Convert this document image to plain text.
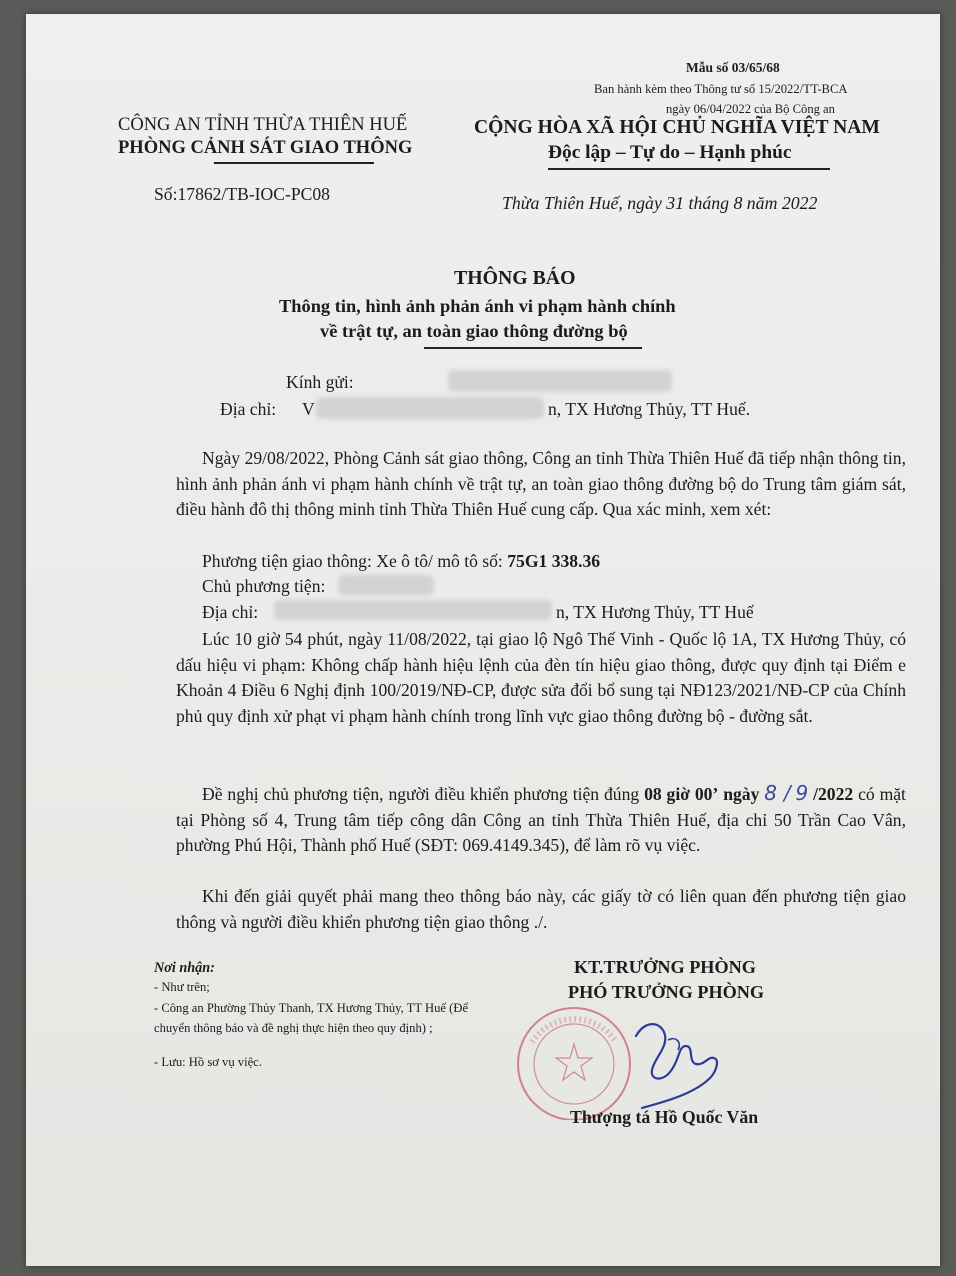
Mẫu số 03/65/68
Ban hành kèm theo Thông tư số 15/2022/TT-BCA
ngày 06/04/2022 của Bộ Công an
CÔNG AN TỈNH THỪA THIÊN HUẾ
PHÒNG CẢNH SÁT GIAO THÔNG
CỘNG HÒA XÃ HỘI CHỦ NGHĨA VIỆT NAM
Độc lập – Tự do – Hạnh phúc
Số:17862/TB-IOC-PC08	Thừa Thiên Huế, ngày 31 tháng 8 năm 2022
THÔNG BÁO
Thông tin, hình ảnh phản ánh vi phạm hành chính
về trật tự, an toàn giao thông đường bộ
Kính gửi:
Địa chỉ: V	n, TX Hương Thủy, TT Huế.
Ngày 29/08/2022, Phòng Cảnh sát giao thông, Công an tỉnh Thừa Thiên Huế đã tiếp nhận thông tin, hình ảnh phản ánh vi phạm hành chính về trật tự, an toàn giao thông đường bộ do Trung tâm giám sát, điều hành đô thị thông minh tỉnh Thừa Thiên Huế cung cấp. Qua xác minh, xem xét:
Phương tiện giao thông: Xe ô tô/ mô tô số: 75G1 338.36
Chủ phương tiện:
Địa chỉ:	n, TX Hương Thủy, TT Huế
Lúc 10 giờ 54 phút, ngày 11/08/2022, tại giao lộ Ngô Thế Vinh - Quốc lộ 1A, TX Hương Thủy, có dấu hiệu vi phạm: Không chấp hành hiệu lệnh của đèn tín hiệu giao thông, được quy định tại Điểm e Khoản 4 Điều 6 Nghị định 100/2019/NĐ-CP, được sửa đổi bổ sung tại NĐ123/2021/NĐ-CP của Chính phủ quy định xử phạt vi phạm hành chính trong lĩnh vực giao thông đường bộ - đường sắt.
Đề nghị chủ phương tiện, người điều khiển phương tiện đúng 08 giờ 00’ ngày 8 / 9 /2022 có mặt tại Phòng số 4, Trung tâm tiếp công dân Công an tỉnh Thừa Thiên Huế, địa chỉ 50 Trần Cao Vân, phường Phú Hội, Thành phố Huế (SĐT: 069.4149.345), để làm rõ vụ việc.
Khi đến giải quyết phải mang theo thông báo này, các giấy tờ có liên quan đến phương tiện giao thông và người điều khiển phương tiện giao thông ./.
Nơi nhận:
- Như trên;
- Công an Phường Thủy Thanh, TX Hương Thủy, TT Huế (Để chuyển thông báo và đề nghị thực hiện theo quy định) ;
- Lưu: Hồ sơ vụ việc.
KT.TRƯỞNG PHÒNG
PHÓ TRƯỞNG PHÒNG
Thượng tá Hồ Quốc Văn
